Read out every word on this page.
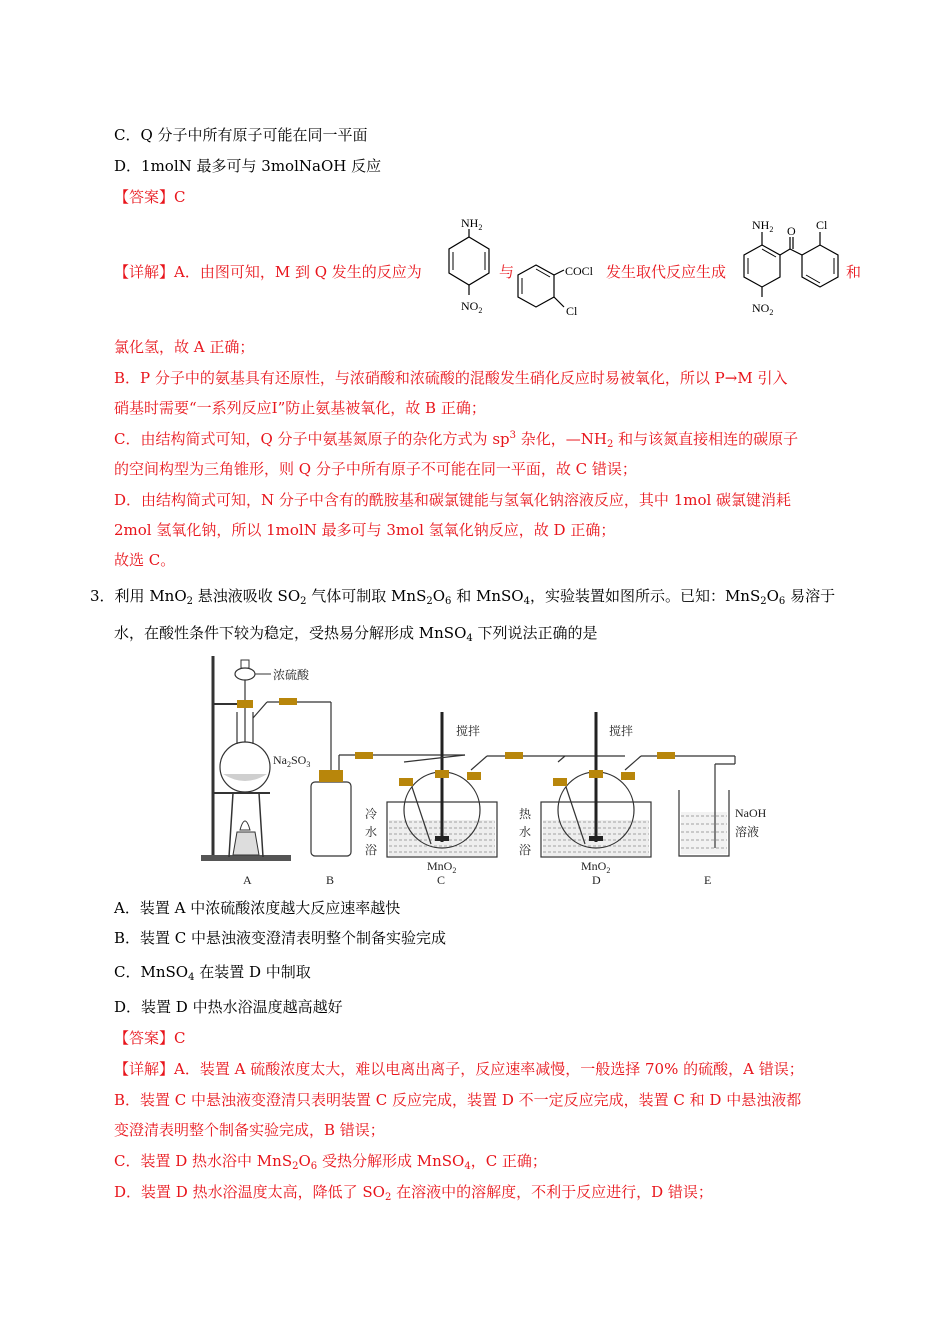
C．Q 分子中所有原子可能在同一平面
D．1molN 最多可与 3molNaOH 反应
【答案】C
【详解】A．由图可知，M 到 Q 发生的反应为	与	发生取代反应生成	和
$NH_2$
$NO_2$
COCl
Cl
$NH_2$ O Cl
$NO_2$
氯化氢，故 A 正确；
B．P 分子中的氨基具有还原性，与浓硝酸和浓硫酸的混酸发生硝化反应时易被氧化，所以 P→M 引入
硝基时需要“一系列反应Ⅰ”防止氨基被氧化，故 B 正确；
C．由结构简式可知，Q 分子中氨基氮原子的杂化方式为 $sp^3$ 杂化，$—NH_2$ 和与该氮直接相连的碳原子
的空间构型为三角锥形，则 Q 分子中所有原子不可能在同一平面，故 C 错误；
D．由结构简式可知，N 分子中含有的酰胺基和碳氯键能与氢氧化钠溶液反应，其中 1mol 碳氯键消耗
2mol 氢氧化钠，所以 1molN 最多可与 3mol 氢氧化钠反应，故 D 正确；
故选 C。
3．利用 MnO$_2$ 悬浊液吸收 $SO_2$ 气体可制取 $MnS_2O_6$ 和 MnSO$_4$，实验装置如图所示。已知：$MnS_2O_6$ 易溶于
水，在酸性条件下较为稳定，受热易分解形成 MnSO$_4$ 下列说法正确的是
浓硫酸
$Na_2SO_3$
搅拌
冷
水
浴
MnO$_2$
搅拌
热
水
浴
MnO$_2$
NaOH
溶液
A	B	C	D	E
A．装置 A 中浓硫酸浓度越大反应速率越快
B．装置 C 中悬浊液变澄清表明整个制备实验完成
C．MnSO$_4$ 在装置 D 中制取
D．装置 D 中热水浴温度越高越好
【答案】C
【详解】A．装置 A 硫酸浓度太大，难以电离出离子，反应速率减慢，一般选择 70% 的硫酸，A 错误；
B．装置 C 中悬浊液变澄清只表明装置 C 反应完成，装置 D 不一定反应完成，装置 C 和 D 中悬浊液都
变澄清表明整个制备实验完成，B 错误；
C．装置 D 热水浴中 $MnS_2O_6$ 受热分解形成 MnSO$_4$，C 正确；
D．装置 D 热水浴温度太高，降低了 $SO_2$ 在溶液中的溶解度，不利于反应进行，D 错误；
